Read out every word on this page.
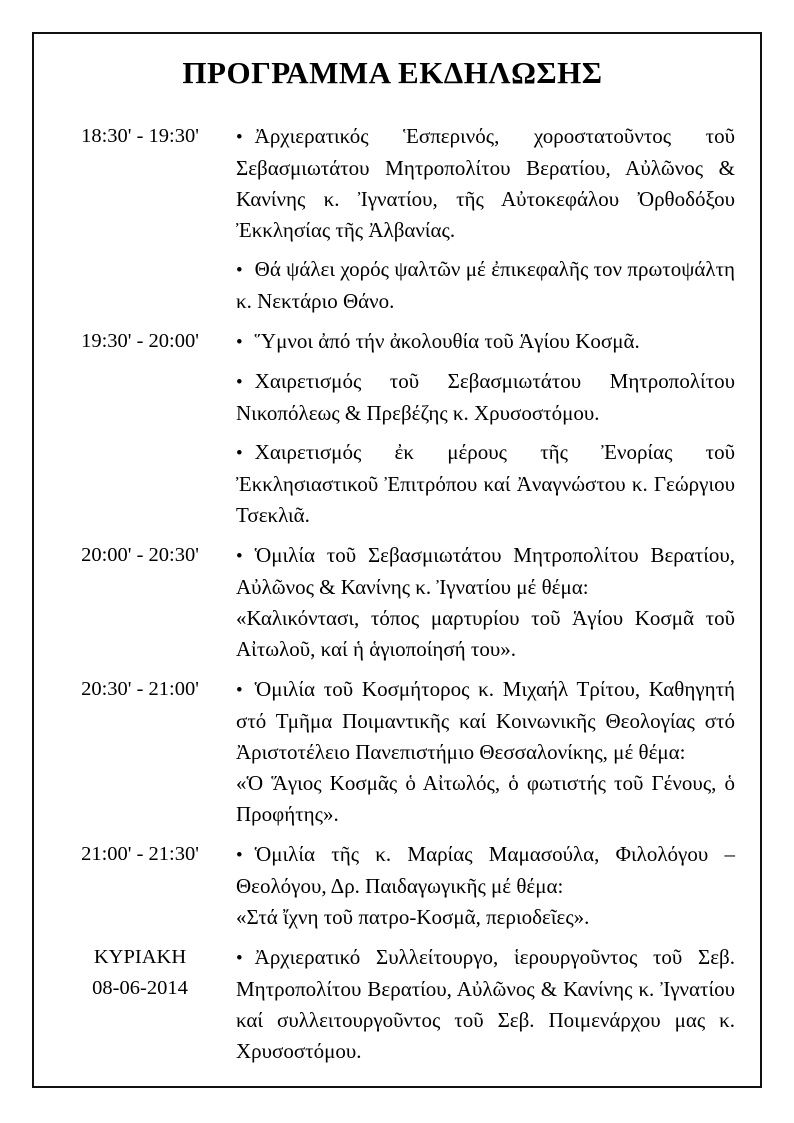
ΠΡΟΓΡΑΜΜΑ ΕΚΔΗΛΩΣΗΣ
18:30' - 19:30' • Ἀρχιερατικός Ἑσπερινός, χοροστατοῦντος τοῦ Σεβασμιωτάτου Μητροπολίτου Βερατίου, Αὐλῶνος & Κανίνης κ. Ἰγνατίου, τῆς Αὐτοκεφάλου Ὀρθοδόξου Ἐκκλησίας τῆς Ἀλβανίας.

• Θά ψάλει χορός ψαλτῶν μέ ἐπικεφαλῆς τον πρωτοψάλτη κ. Νεκτάριο Θάνο.

19:30' - 20:00' • Ὕμνοι ἀπό τήν ἀκολουθία τοῦ Ἁγίου Κοσμᾶ.

• Χαιρετισμός τοῦ Σεβασμιωτάτου Μητροπολίτου Νικοπόλεως & Πρεβέζης κ. Χρυσοστόμου.

• Χαιρετισμός ἐκ μέρους τῆς Ἐνορίας τοῦ Ἐκκλησιαστικοῦ Ἐπιτρόπου καί Ἀναγνώστου κ. Γεώργιου Τσεκλιᾶ.

20:00' - 20:30' • Ὁμιλία τοῦ Σεβασμιωτάτου Μητροπολίτου Βερατίου, Αὐλῶνος & Κανίνης κ. Ἰγνατίου μέ θέμα:
«Καλικόντασι, τόπος μαρτυρίου τοῦ Ἁγίου Κοσμᾶ τοῦ Αἰτωλοῦ, καί ἡ ἁγιοποίησή του».

20:30' - 21:00' • Ὁμιλία τοῦ Κοσμήτορος κ. Μιχαήλ Τρίτου, Καθηγητή στό Τμῆμα Ποιμαντικῆς καί Κοινωνικῆς Θεολογίας στό Ἀριστοτέλειο Πανεπιστήμιο Θεσσαλονίκης, μέ θέμα:
«Ὁ Ἅγιος Κοσμᾶς ὁ Αἰτωλός, ὁ φωτιστής τοῦ Γένους, ὁ Προφήτης».

21:00' - 21:30' • Ὁμιλία τῆς κ. Μαρίας Μαμασούλα, Φιλολόγου – Θεολόγου, Δρ. Παιδαγωγικῆς μέ θέμα:
«Στά ἴχνη τοῦ πατρο-Κοσμᾶ, περιοδεῖες».

ΚΥΡΙΑΚΗ
08-06-2014

• Ἀρχιερατικό Συλλείτουργο, ἱερουργοῦντος τοῦ Σεβ. Μητροπολίτου Βερατίου, Αὐλῶνος & Κανίνης κ. Ἰγνατίου καί συλλειτουργοῦντος τοῦ Σεβ. Ποιμενάρχου μας κ. Χρυσοστόμου.
